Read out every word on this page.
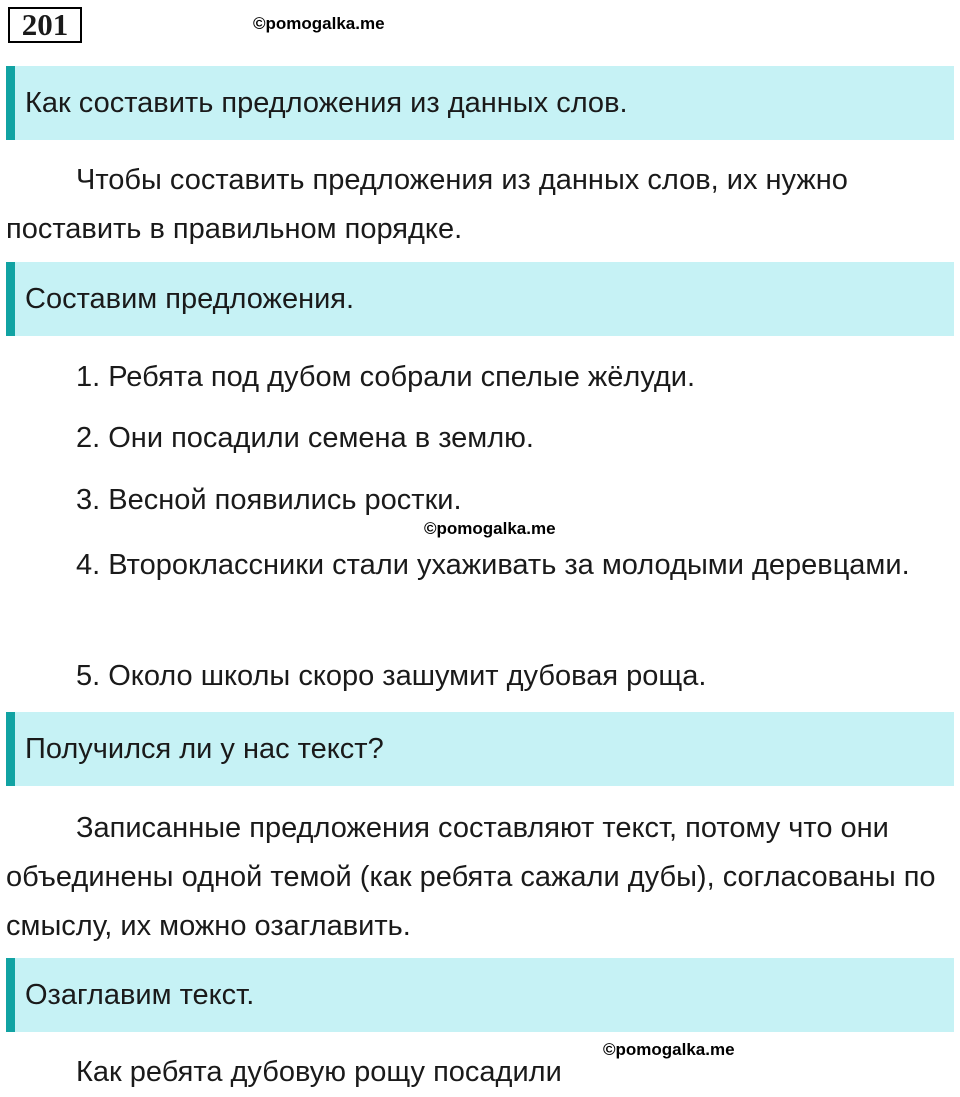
201	©pomogalka.me
Как составить предложения из данных слов.

Чтобы составить предложения из данных слов, их нужно поставить в правильном порядке.

Составим предложения.

1. Ребята под дубом собрали спелые жёлуди.

2. Они посадили семена в землю.

3. Весной появились ростки.

©pomogalka.me

4. Второклассники стали ухаживать за молодыми деревцами.

5. Около школы скоро зашумит дубовая роща.

Получился ли у нас текст?

Записанные предложения составляют текст, потому что они объединены одной темой (как ребята сажали дубы), согласованы по смыслу, их можно озаглавить.

Озаглавим текст.
©pomogalka.me

Как ребята дубовую рощу посадили
